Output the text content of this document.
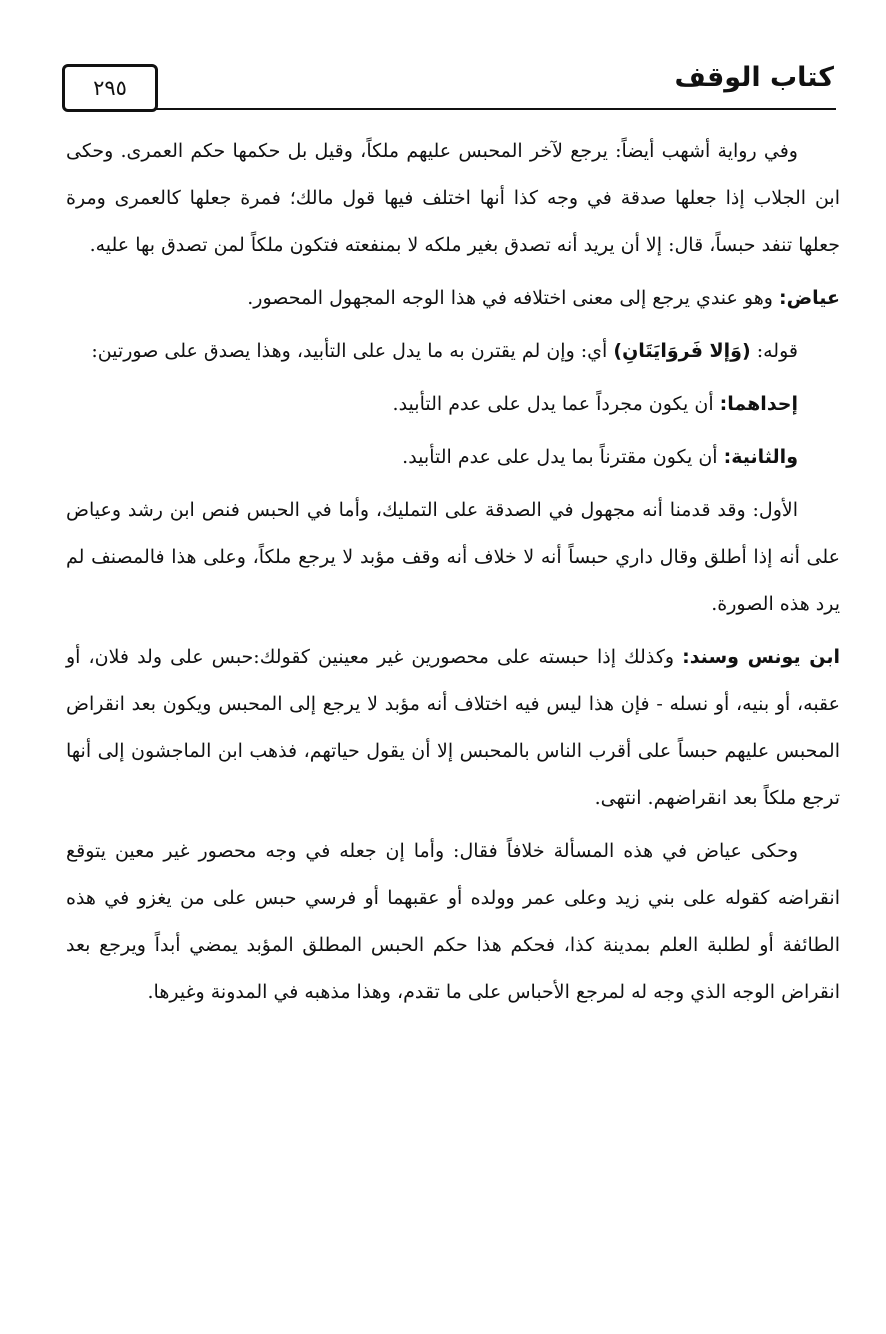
٢٩٥	كتاب الوقف

وفي رواية أشهب أيضاً: يرجع لآخر المحبس عليهم ملكاً، وقيل بل حكمها حكم العمرى. وحكى ابن الجلاب إذا جعلها صدقة في وجه كذا أنها اختلف فيها قول مالك؛ فمرة جعلها كالعمرى ومرة جعلها تنفد حبساً، قال: إلا أن يريد أنه تصدق بغير ملكه لا بمنفعته فتكون ملكاً لمن تصدق بها عليه.

عياض: وهو عندي يرجع إلى معنى اختلافه في هذا الوجه المجهول المحصور.

قوله: (وَإلا فَروَايَتَانِ) أي: وإن لم يقترن به ما يدل على التأبيد، وهذا يصدق على صورتين:

إحداهما: أن يكون مجرداً عما يدل على عدم التأبيد.

والثانية: أن يكون مقترناً بما يدل على عدم التأبيد.

الأول: وقد قدمنا أنه مجهول في الصدقة على التمليك، وأما في الحبس فنص ابن رشد وعياض على أنه إذا أطلق وقال داري حبساً أنه لا خلاف أنه وقف مؤبد لا يرجع ملكاً، وعلى هذا فالمصنف لم يرد هذه الصورة.

ابن يونس وسند: وكذلك إذا حبسته على محصورين غير معينين كقولك:حبس على ولد فلان، أو عقبه، أو بنيه، أو نسله - فإن هذا ليس فيه اختلاف أنه مؤبد لا يرجع إلى المحبس ويكون بعد انقراض المحبس عليهم حبساً على أقرب الناس بالمحبس إلا أن يقول حياتهم، فذهب ابن الماجشون إلى أنها ترجع ملكاً بعد انقراضهم. انتهى.

وحكى عياض في هذه المسألة خلافاً فقال: وأما إن جعله في وجه محصور غير معين يتوقع انقراضه كقوله على بني زيد وعلى عمر وولده أو عقبهما أو فرسي حبس على من يغزو في هذه الطائفة أو لطلبة العلم بمدينة كذا، فحكم هذا حكم الحبس المطلق المؤبد يمضي أبداً ويرجع بعد انقراض الوجه الذي وجه له لمرجع الأحباس على ما تقدم، وهذا مذهبه في المدونة وغيرها.
